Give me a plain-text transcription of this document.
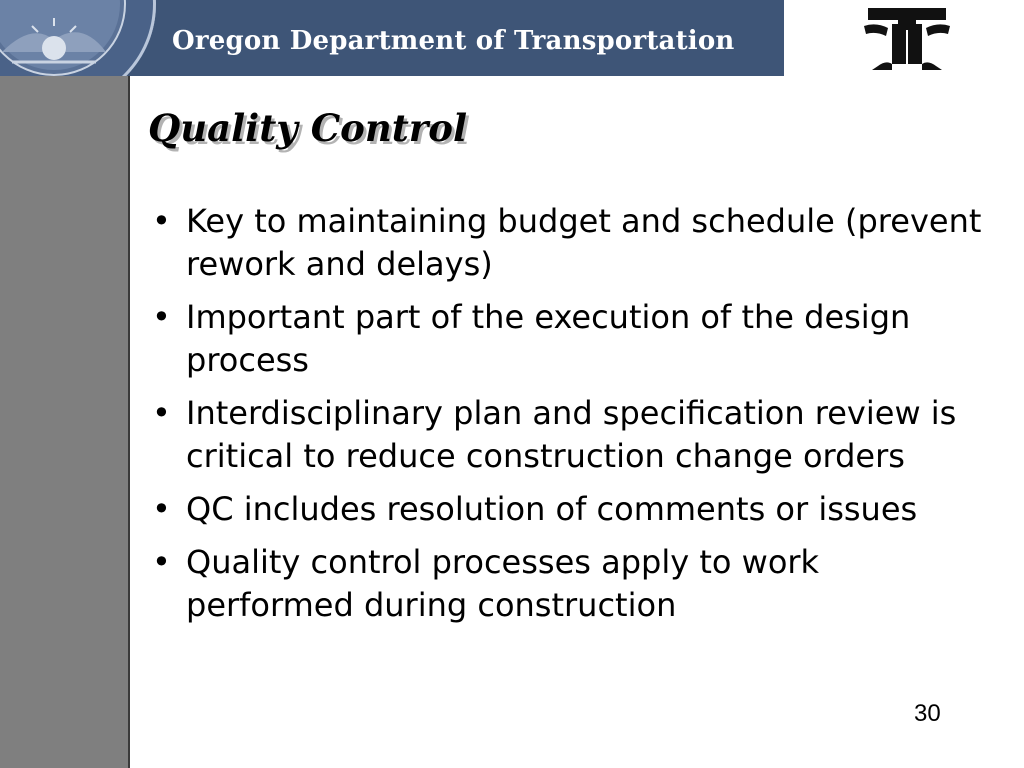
Oregon Department of Transportation
Quality Control
• Key to maintaining budget and schedule (prevent rework and delays)
• Important part of the execution of the design process
• Interdisciplinary plan and specification review is critical to reduce construction change orders
• QC includes resolution of comments or issues
• Quality control processes apply to work performed during construction
30
